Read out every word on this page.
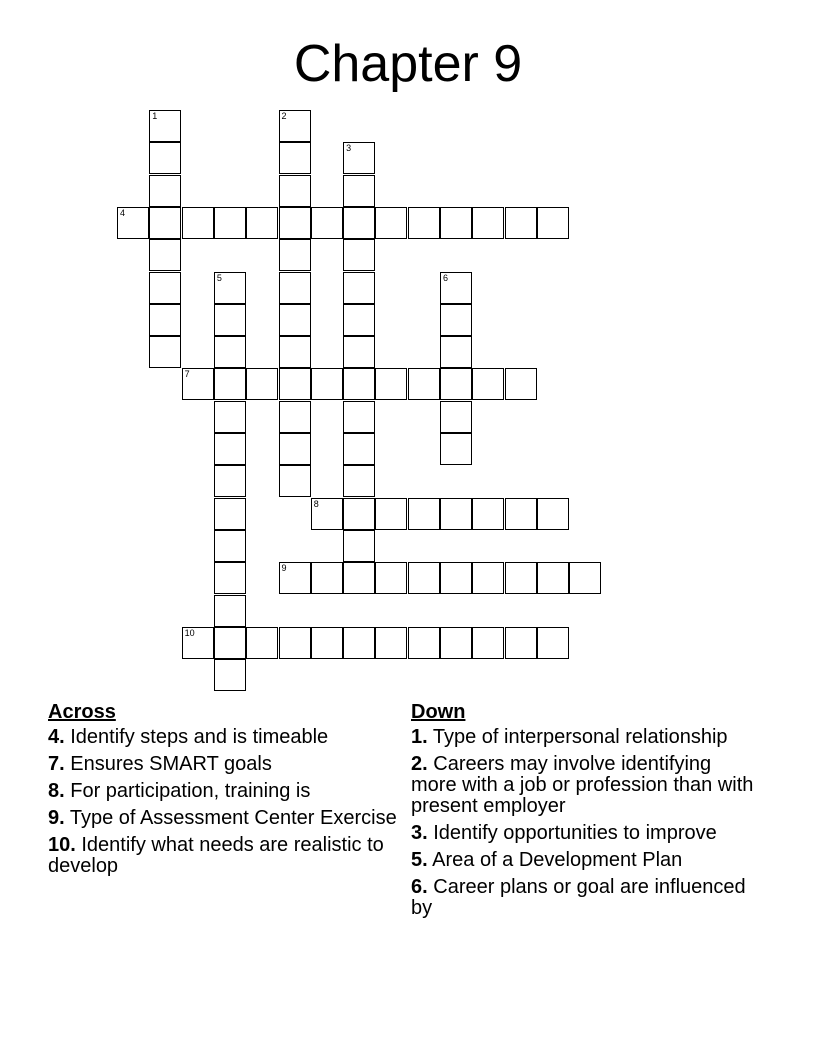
Chapter 9
1	2
3
4
5	6
7
8
9
10
Across
4. Identify steps and is timeable
7. Ensures SMART goals
8. For participation, training is
9. Type of Assessment Center Exercise
10. Identify what needs are realistic to develop
Down
1. Type of interpersonal relationship
2. Careers may involve identifying more with a job or profession than with present employer
3. Identify opportunities to improve
5. Area of a Development Plan
6. Career plans or goal are influenced by
